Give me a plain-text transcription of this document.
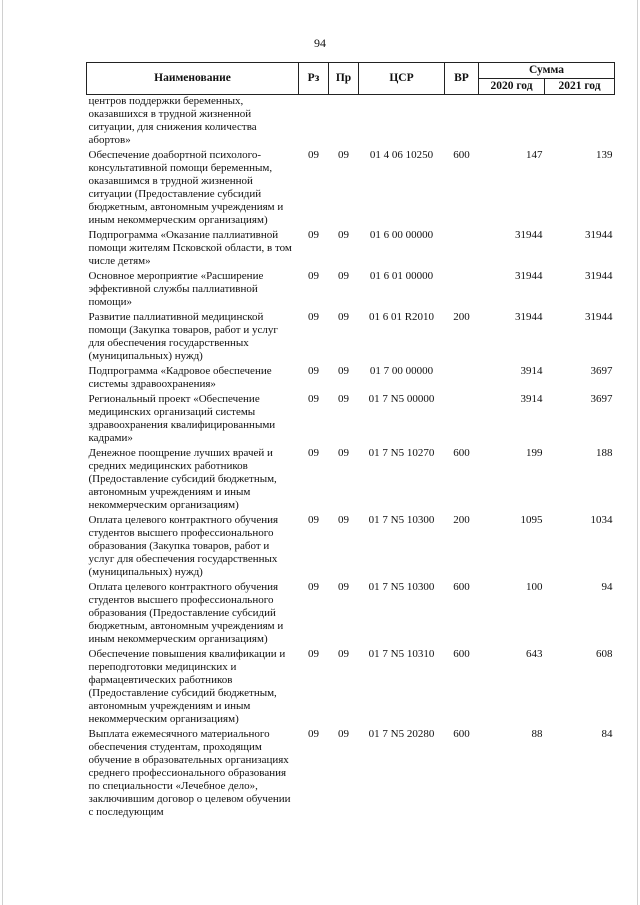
94
Наименование	Рз	Пр	ЦСР	ВР	Сумма	
					2020 год	2021 год
центров поддержки беременных, оказавшихся в трудной жизненной ситуации, для снижения количества абортов»						
Обеспечение доабортной психолого-консультативной помощи беременным, оказавшимся в трудной жизненной ситуации (Предоставление субсидий бюджетным, автономным учреждениям и иным некоммерческим организациям)	09	09	01 4 06 10250	600	147	139
Подпрограмма «Оказание паллиативной помощи жителям Псковской области, в том числе детям»	09	09	01 6 00 00000		31944	31944
Основное мероприятие «Расширение эффективной службы паллиативной помощи»	09	09	01 6 01 00000		31944	31944
Развитие паллиативной медицинской помощи (Закупка товаров, работ и услуг для обеспечения государственных (муниципальных) нужд)	09	09	01 6 01 R2010	200	31944	31944
Подпрограмма «Кадровое обеспечение системы здравоохранения»	09	09	01 7 00 00000		3914	3697
Региональный проект «Обеспечение медицинских организаций системы здравоохранения квалифицированными кадрами»	09	09	01 7 N5 00000		3914	3697
Денежное поощрение лучших врачей и средних медицинских работников (Предоставление субсидий бюджетным, автономным учреждениям и иным некоммерческим организациям)	09	09	01 7 N5 10270	600	199	188
Оплата целевого контрактного обучения студентов высшего профессионального образования (Закупка товаров, работ и услуг для обеспечения государственных (муниципальных) нужд)	09	09	01 7 N5 10300	200	1095	1034
Оплата целевого контрактного обучения студентов высшего профессионального образования (Предоставление субсидий бюджетным, автономным учреждениям и иным некоммерческим организациям)	09	09	01 7 N5 10300	600	100	94
Обеспечение повышения квалификации и переподготовки медицинских и фармацевтических работников (Предоставление субсидий бюджетным, автономным учреждениям и иным некоммерческим организациям)	09	09	01 7 N5 10310	600	643	608
Выплата ежемесячного материального обеспечения студентам, проходящим обучение в образовательных организациях среднего профессионального образования по специальности «Лечебное дело», заключившим договор о целевом обучении с последующим	09	09	01 7 N5 20280	600	88	84
